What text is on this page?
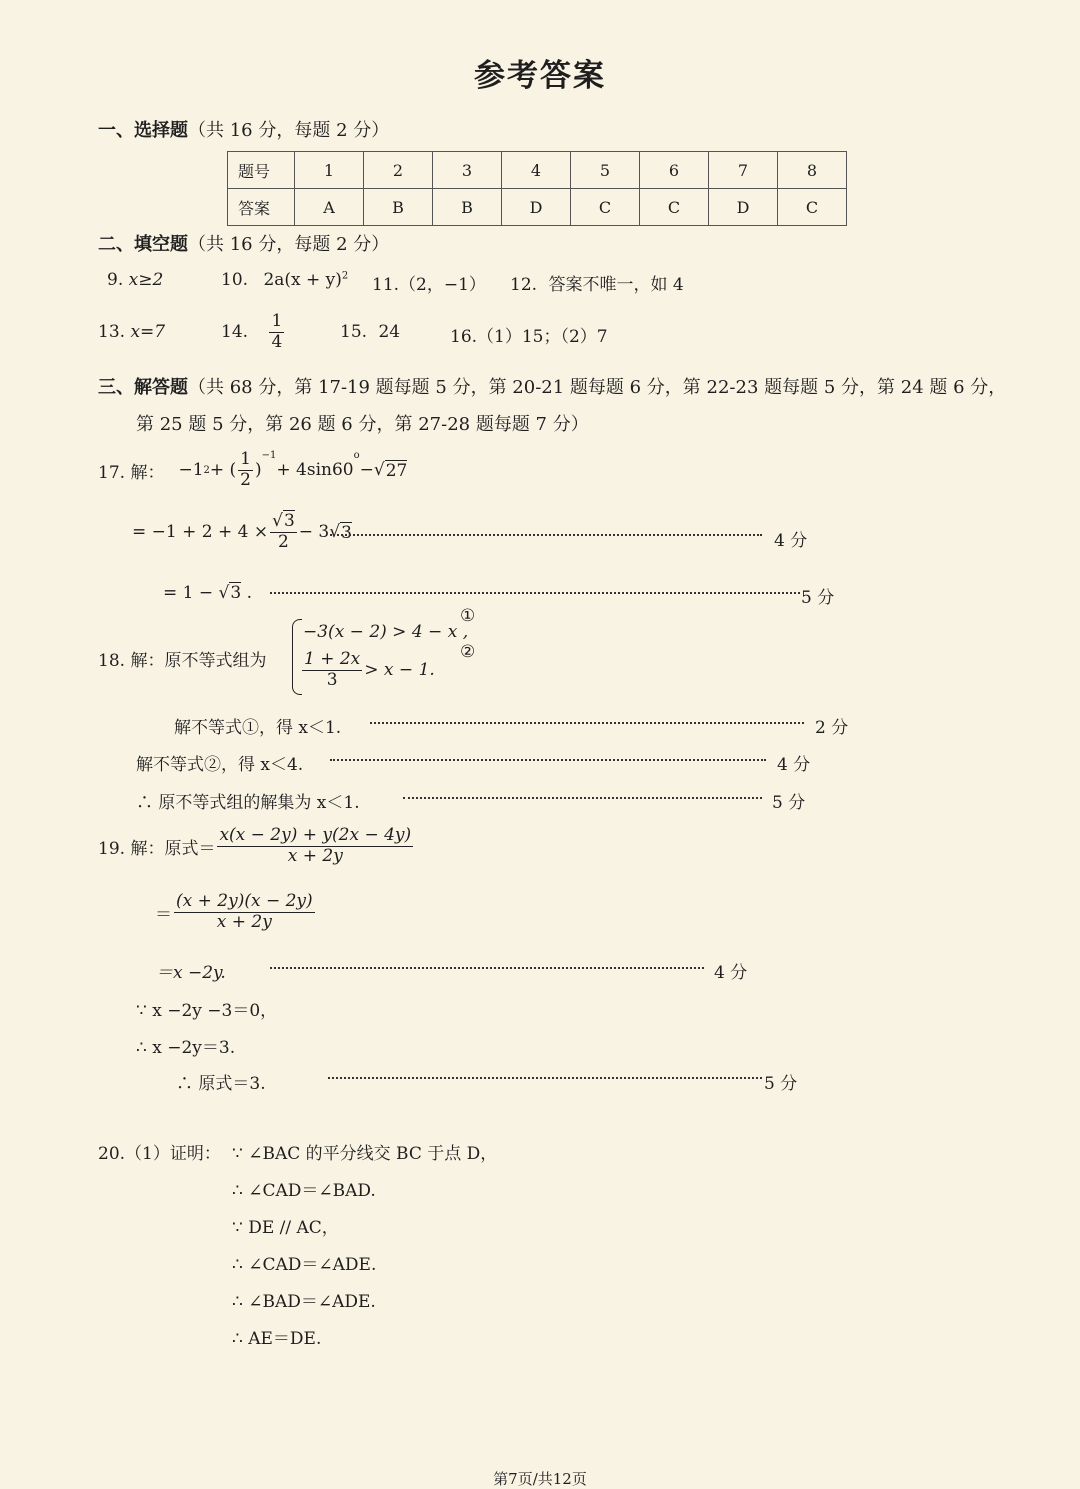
参考答案
一、选择题（共 16 分，每题 2 分）
题号	1	2	3	4	5	6	7	8
答案	A	B	B	D	C	C	D	C
二、填空题（共 16 分，每题 2 分）
9. x≥2	10. $2a(x + y)^2$ 11.（2，−1） 12. 答案不唯一，如 4
13. x=7	14. $\frac{1}{4}$	15. 24	16.（1）15；（2）7
三、解答题（共 68 分，第 17-19 题每题 5 分，第 20-21 题每题 6 分，第 22-23 题每题 5 分，第 24 题 6 分，
第 25 题 5 分，第 26 题 6 分，第 27-28 题每题 7 分）
17. 解： −1 2 + ( $\frac{1}{2}$ )
$^{-1}$
+ 4sin60
$^o$
− √ 27
= $-1 + 2 + 4 \times \frac{√3}{2} - 3$ √ 3	4 分
= 1 − √3 .	5 分
18. 解：原不等式组为
−3(x − 2) > 4 − x ,
$\frac{1 + 2x}{3} > x - 1$.
①
②
解不等式①，得 x＜1.	2 分
解不等式②，得 x＜4.	4 分
∴ 原不等式组的解集为 x＜1.	5 分
19. 解：原式＝ $\frac{x(x - 2y) + y(2x - 4y)}{x + 2y}$
＝ $\frac{(x + 2y)(x - 2y)}{x + 2y}$
＝x −2y.	4 分
∵ x −2y −3＝0，
∴ x −2y＝3.
∴ 原式＝3.	5 分
20.（1）证明： ∵ ∠BAC 的平分线交 BC 于点 D，
∴ ∠CAD＝∠BAD.
∵ DE // AC，
∴ ∠CAD＝∠ADE.
∴ ∠BAD＝∠ADE.
∴ AE＝DE.
第7页/共12页
